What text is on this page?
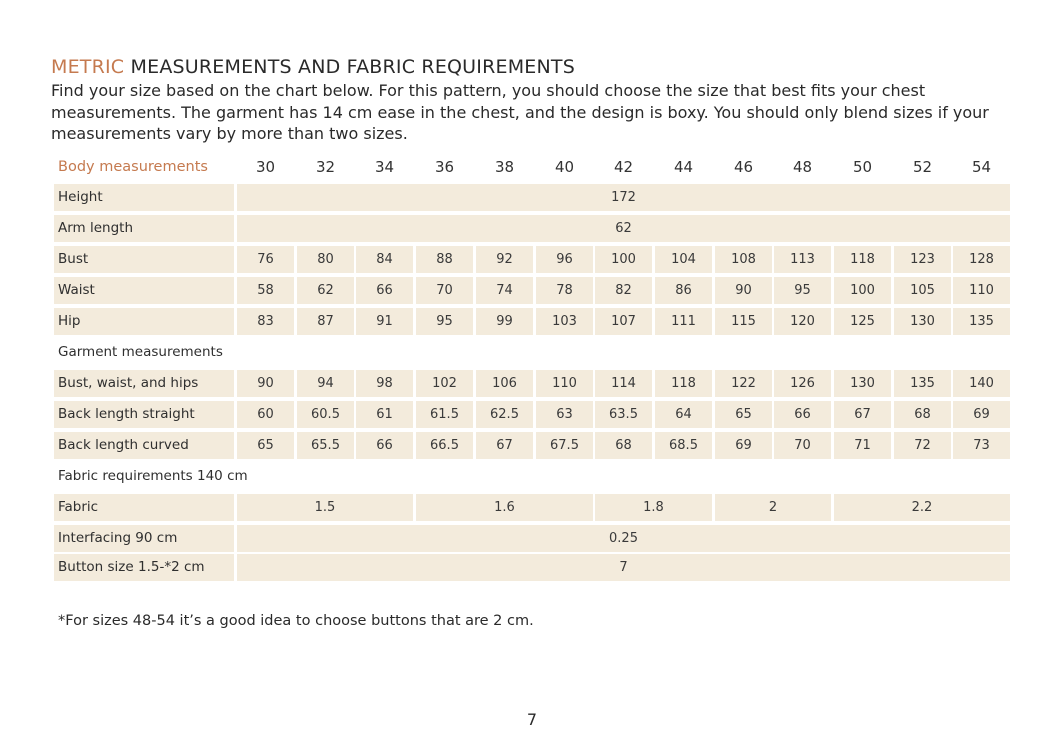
METRIC MEASUREMENTS AND FABRIC REQUIREMENTS
Find your size based on the chart below. For this pattern, you should choose the size that best fits your chest measurements. The garment has 14 cm ease in the chest, and the design is boxy. You should only blend sizes if your measurements vary by more than two sizes.
Body measurements	30	32	34	36	38	40	42	44	46	48	50	52	54
Height	172
Arm length	62
Bust	76	80	84	88	92	96	100	104	108	113	118	123	128
Waist	58	62	66	70	74	78	82	86	90	95	100	105	110
Hip	83	87	91	95	99	103	107	111	115	120	125	130	135
Garment measurements
Bust, waist, and hips	90	94	98	102	106	110	114	118	122	126	130	135	140
Back length straight	60	60.5	61	61.5	62.5	63	63.5	64	65	66	67	68	69
Back length curved	65	65.5	66	66.5	67	67.5	68	68.5	69	70	71	72	73
Fabric requirements 140 cm
Fabric	1.5	1.6	1.8	2	2.2
Interfacing 90 cm	0.25
Button size 1.5-*2 cm	7
*For sizes 48-54 it’s a good idea to choose buttons that are 2 cm.
7
